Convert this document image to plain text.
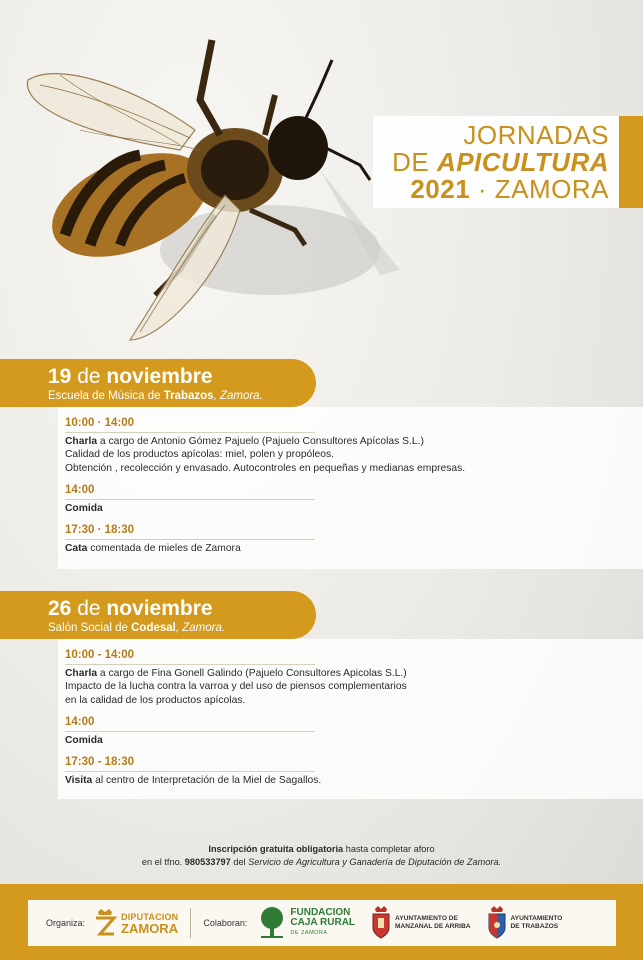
JORNADAS
DE APICULTURA
2021 · ZAMORA
19 de noviembre
Escuela de Música de Trabazos, Zamora.
10:00 · 14:00
Charla a cargo de Antonio Gómez Pajuelo (Pajuelo Consultores Apícolas S.L.)
Calidad de los productos apícolas: miel, polen y propóleos.
Obtención , recolección y envasado. Autocontroles en pequeñas y medianas empresas.
14:00
Comida
17:30 · 18:30
Cata comentada de mieles de Zamora
26 de noviembre
Salón Social de Codesal, Zamora.
10:00 - 14:00
Charla a cargo de Fina Gonell Galindo (Pajuelo Consultores Apicolas S.L.)
Impacto de la lucha contra la varroa y del uso de piensos complementarios
en la calidad de los productos apícolas.
14:00
Comida
17:30 - 18:30
Visita al centro de Interpretación de la Miel de Sagallos.
Inscripción gratuita obligatoria hasta completar aforo
en el tfno. 980533797 del Servicio de Agricultura y Ganadería de Diputación de Zamora.
Organiza:
DIPUTACION
ZAMORA	Colaboran:
FUNDACION
CAJA RURAL
DE ZAMORA
AYUNTAMIENTO DE
MANZANAL DE ARRIBA
AYUNTAMIENTO
DE TRABAZOS
